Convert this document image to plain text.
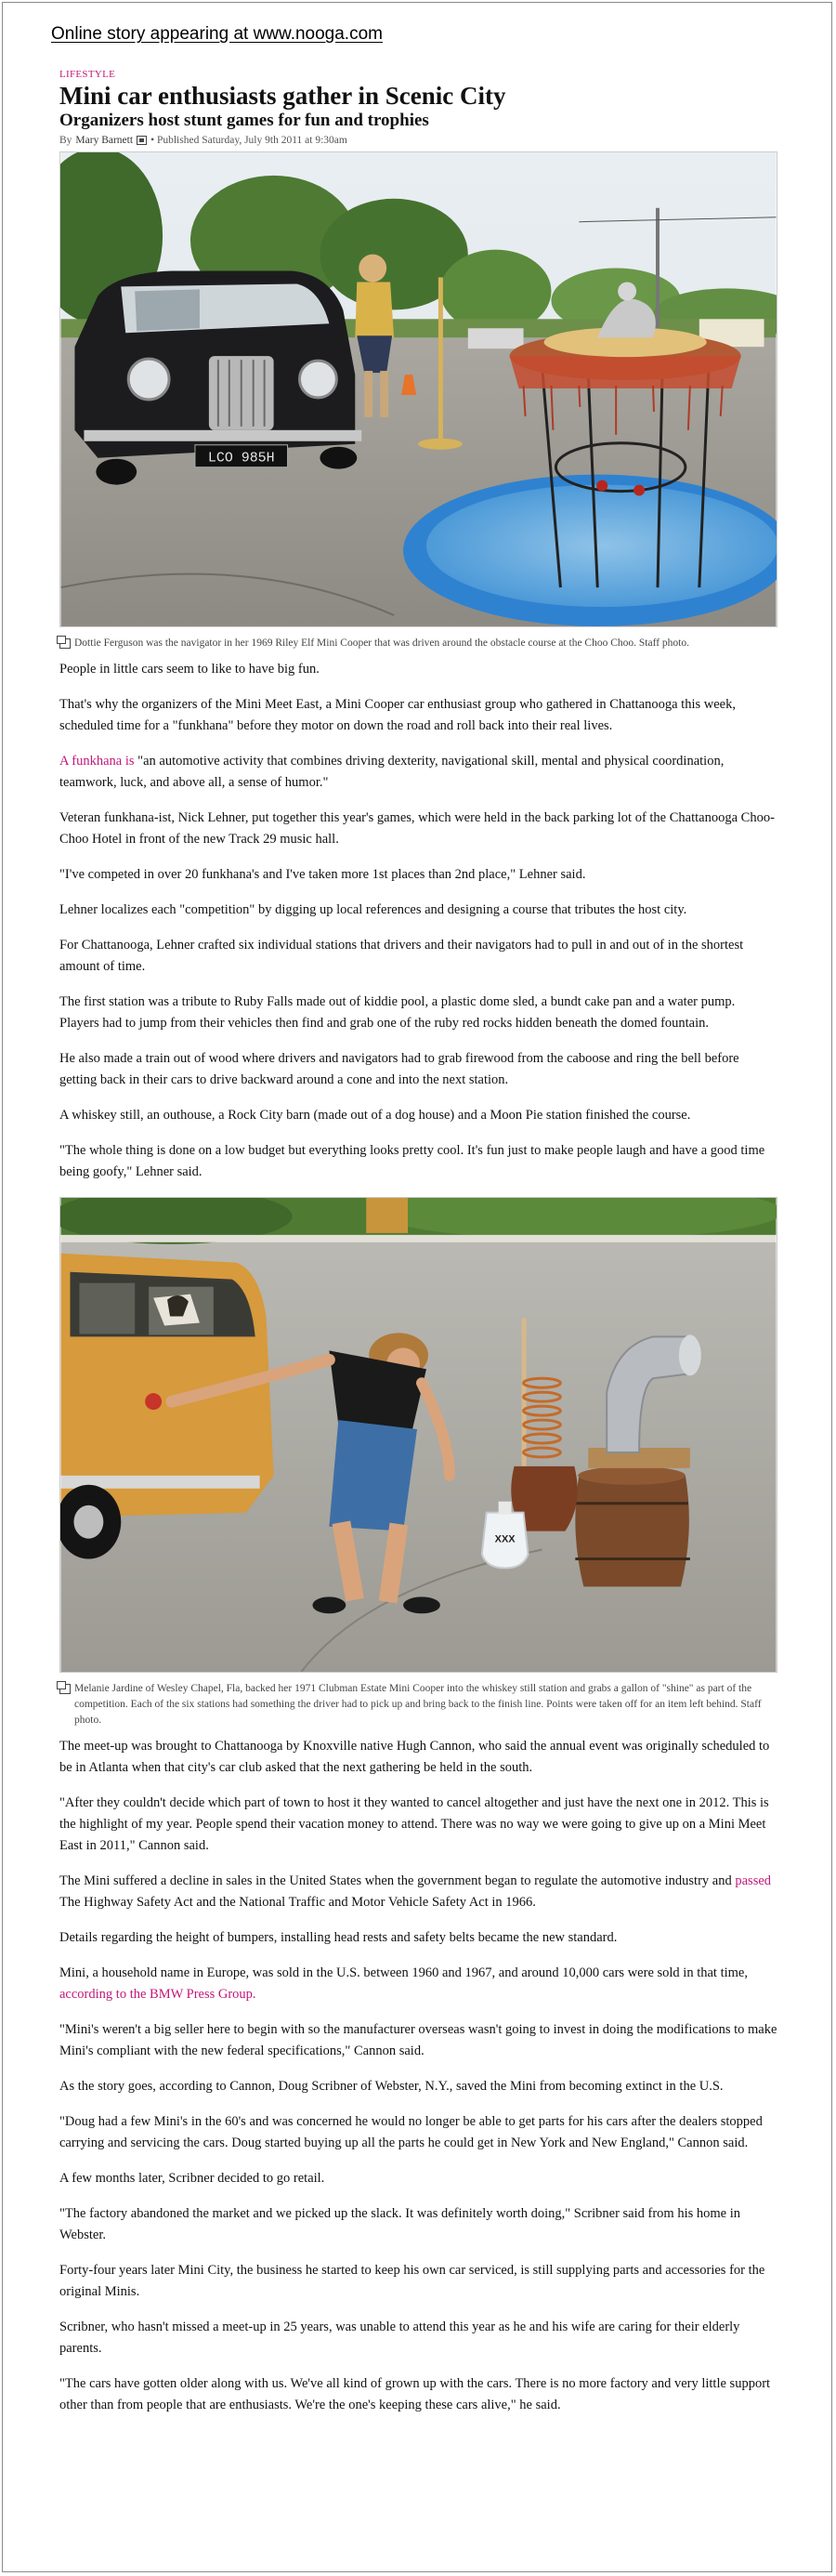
Online story appearing at www.nooga.com
LIFESTYLE
Mini car enthusiasts gather in Scenic City
Organizers host stunt games for fun and trophies
By Mary Barnett • Published Saturday, July 9th 2011 at 9:30am
LCO 985H
Dottie Ferguson was the navigator in her 1969 Riley Elf Mini Cooper that was driven around the obstacle course at the Choo Choo. Staff photo.

People in little cars seem to like to have big fun.

That's why the organizers of the Mini Meet East, a Mini Cooper car enthusiast group who gathered in Chattanooga this week, scheduled time for a "funkhana" before they motor on down the road and roll back into their real lives.

A funkhana is "an automotive activity that combines driving dexterity, navigational skill, mental and physical coordination, teamwork, luck, and above all, a sense of humor."

Veteran funkhana-ist, Nick Lehner, put together this year's games, which were held in the back parking lot of the Chattanooga Choo-Choo Hotel in front of the new Track 29 music hall.

"I've competed in over 20 funkhana's and I've taken more 1st places than 2nd place," Lehner said.

Lehner localizes each "competition" by digging up local references and designing a course that tributes the host city.

For Chattanooga, Lehner crafted six individual stations that drivers and their navigators had to pull in and out of in the shortest amount of time.

The first station was a tribute to Ruby Falls made out of kiddie pool, a plastic dome sled, a bundt cake pan and a water pump. Players had to jump from their vehicles then find and grab one of the ruby red rocks hidden beneath the domed fountain.

He also made a train out of wood where drivers and navigators had to grab firewood from the caboose and ring the bell before getting back in their cars to drive backward around a cone and into the next station.

A whiskey still, an outhouse, a Rock City barn (made out of a dog house) and a Moon Pie station finished the course.

"The whole thing is done on a low budget but everything looks pretty cool. It's fun just to make people laugh and have a good time being goofy," Lehner said.

XXX
Melanie Jardine of Wesley Chapel, Fla, backed her 1971 Clubman Estate Mini Cooper into the whiskey still station and grabs a gallon of "shine" as part of the competition. Each of the six stations had something the driver had to pick up and bring back to the finish line. Points were taken off for an item left behind. Staff photo.

The meet-up was brought to Chattanooga by Knoxville native Hugh Cannon, who said the annual event was originally scheduled to be in Atlanta when that city's car club asked that the next gathering be held in the south.

"After they couldn't decide which part of town to host it they wanted to cancel altogether and just have the next one in 2012. This is the highlight of my year. People spend their vacation money to attend. There was no way we were going to give up on a Mini Meet East in 2011," Cannon said.

The Mini suffered a decline in sales in the United States when the government began to regulate the automotive industry and passed The Highway Safety Act and the National Traffic and Motor Vehicle Safety Act in 1966.

Details regarding the height of bumpers, installing head rests and safety belts became the new standard.

Mini, a household name in Europe, was sold in the U.S. between 1960 and 1967, and around 10,000 cars were sold in that time, according to the BMW Press Group.

"Mini's weren't a big seller here to begin with so the manufacturer overseas wasn't going to invest in doing the modifications to make Mini's compliant with the new federal specifications," Cannon said.

As the story goes, according to Cannon, Doug Scribner of Webster, N.Y., saved the Mini from becoming extinct in the U.S.

"Doug had a few Mini's in the 60's and was concerned he would no longer be able to get parts for his cars after the dealers stopped carrying and servicing the cars. Doug started buying up all the parts he could get in New York and New England," Cannon said.

A few months later, Scribner decided to go retail.

"The factory abandoned the market and we picked up the slack. It was definitely worth doing," Scribner said from his home in Webster.

Forty-four years later Mini City, the business he started to keep his own car serviced, is still supplying parts and accessories for the original Minis.

Scribner, who hasn't missed a meet-up in 25 years, was unable to attend this year as he and his wife are caring for their elderly parents.

"The cars have gotten older along with us. We've all kind of grown up with the cars. There is no more factory and very little support other than from people that are enthusiasts. We're the one's keeping these cars alive," he said.
